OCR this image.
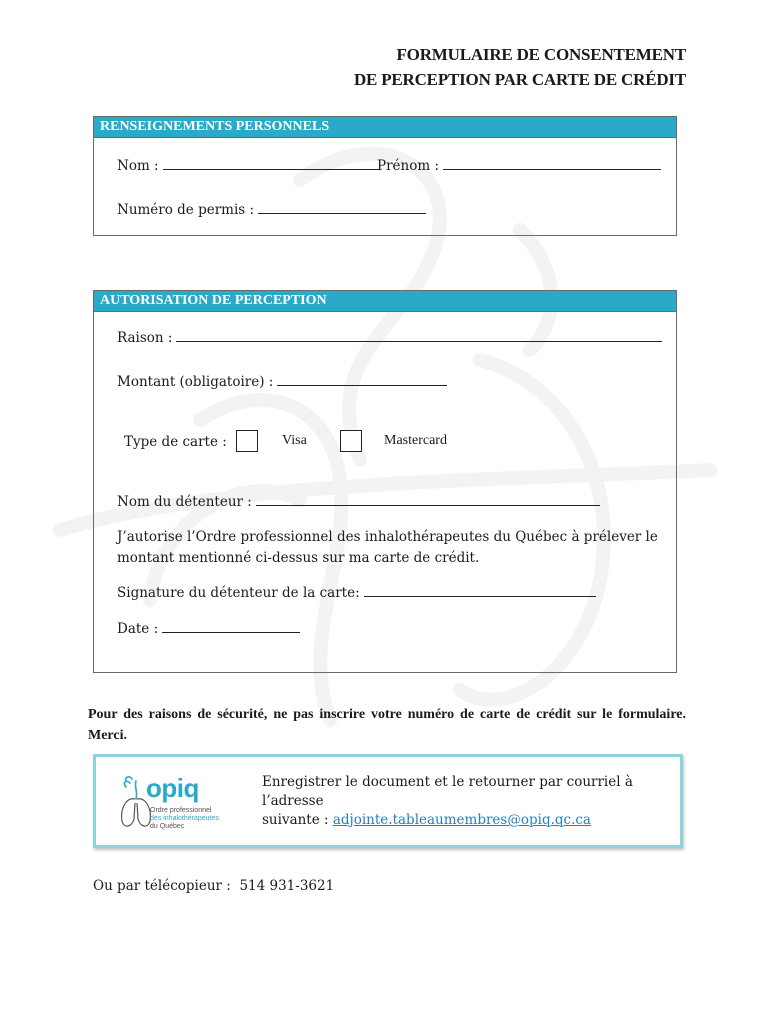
FORMULAIRE DE CONSENTEMENT
DE PERCEPTION PAR CARTE DE CRÉDIT
RENSEIGNEMENTS PERSONNELS
Nom :	Prénom :
Numéro de permis :
AUTORISATION DE PERCEPTION
Raison :
Montant (obligatoire) :
Type de carte :	Visa	Mastercard
Nom du détenteur :
J’autorise l’Ordre professionnel des inhalothérapeutes du Québec à prélever le
montant mentionné ci-dessus sur ma carte de crédit.
Signature du détenteur de la carte:
Date :
Pour des raisons de sécurité, ne pas inscrire votre numéro de carte de crédit sur le formulaire. Merci.
opiq
Ordre professionnel
des inhalothérapeutes
du Québec
Enregistrer le document et le retourner par courriel à l’adresse
suivante : adjointe.tableaumembres@opiq.qc.ca
Ou par télécopieur : 514 931-3621
